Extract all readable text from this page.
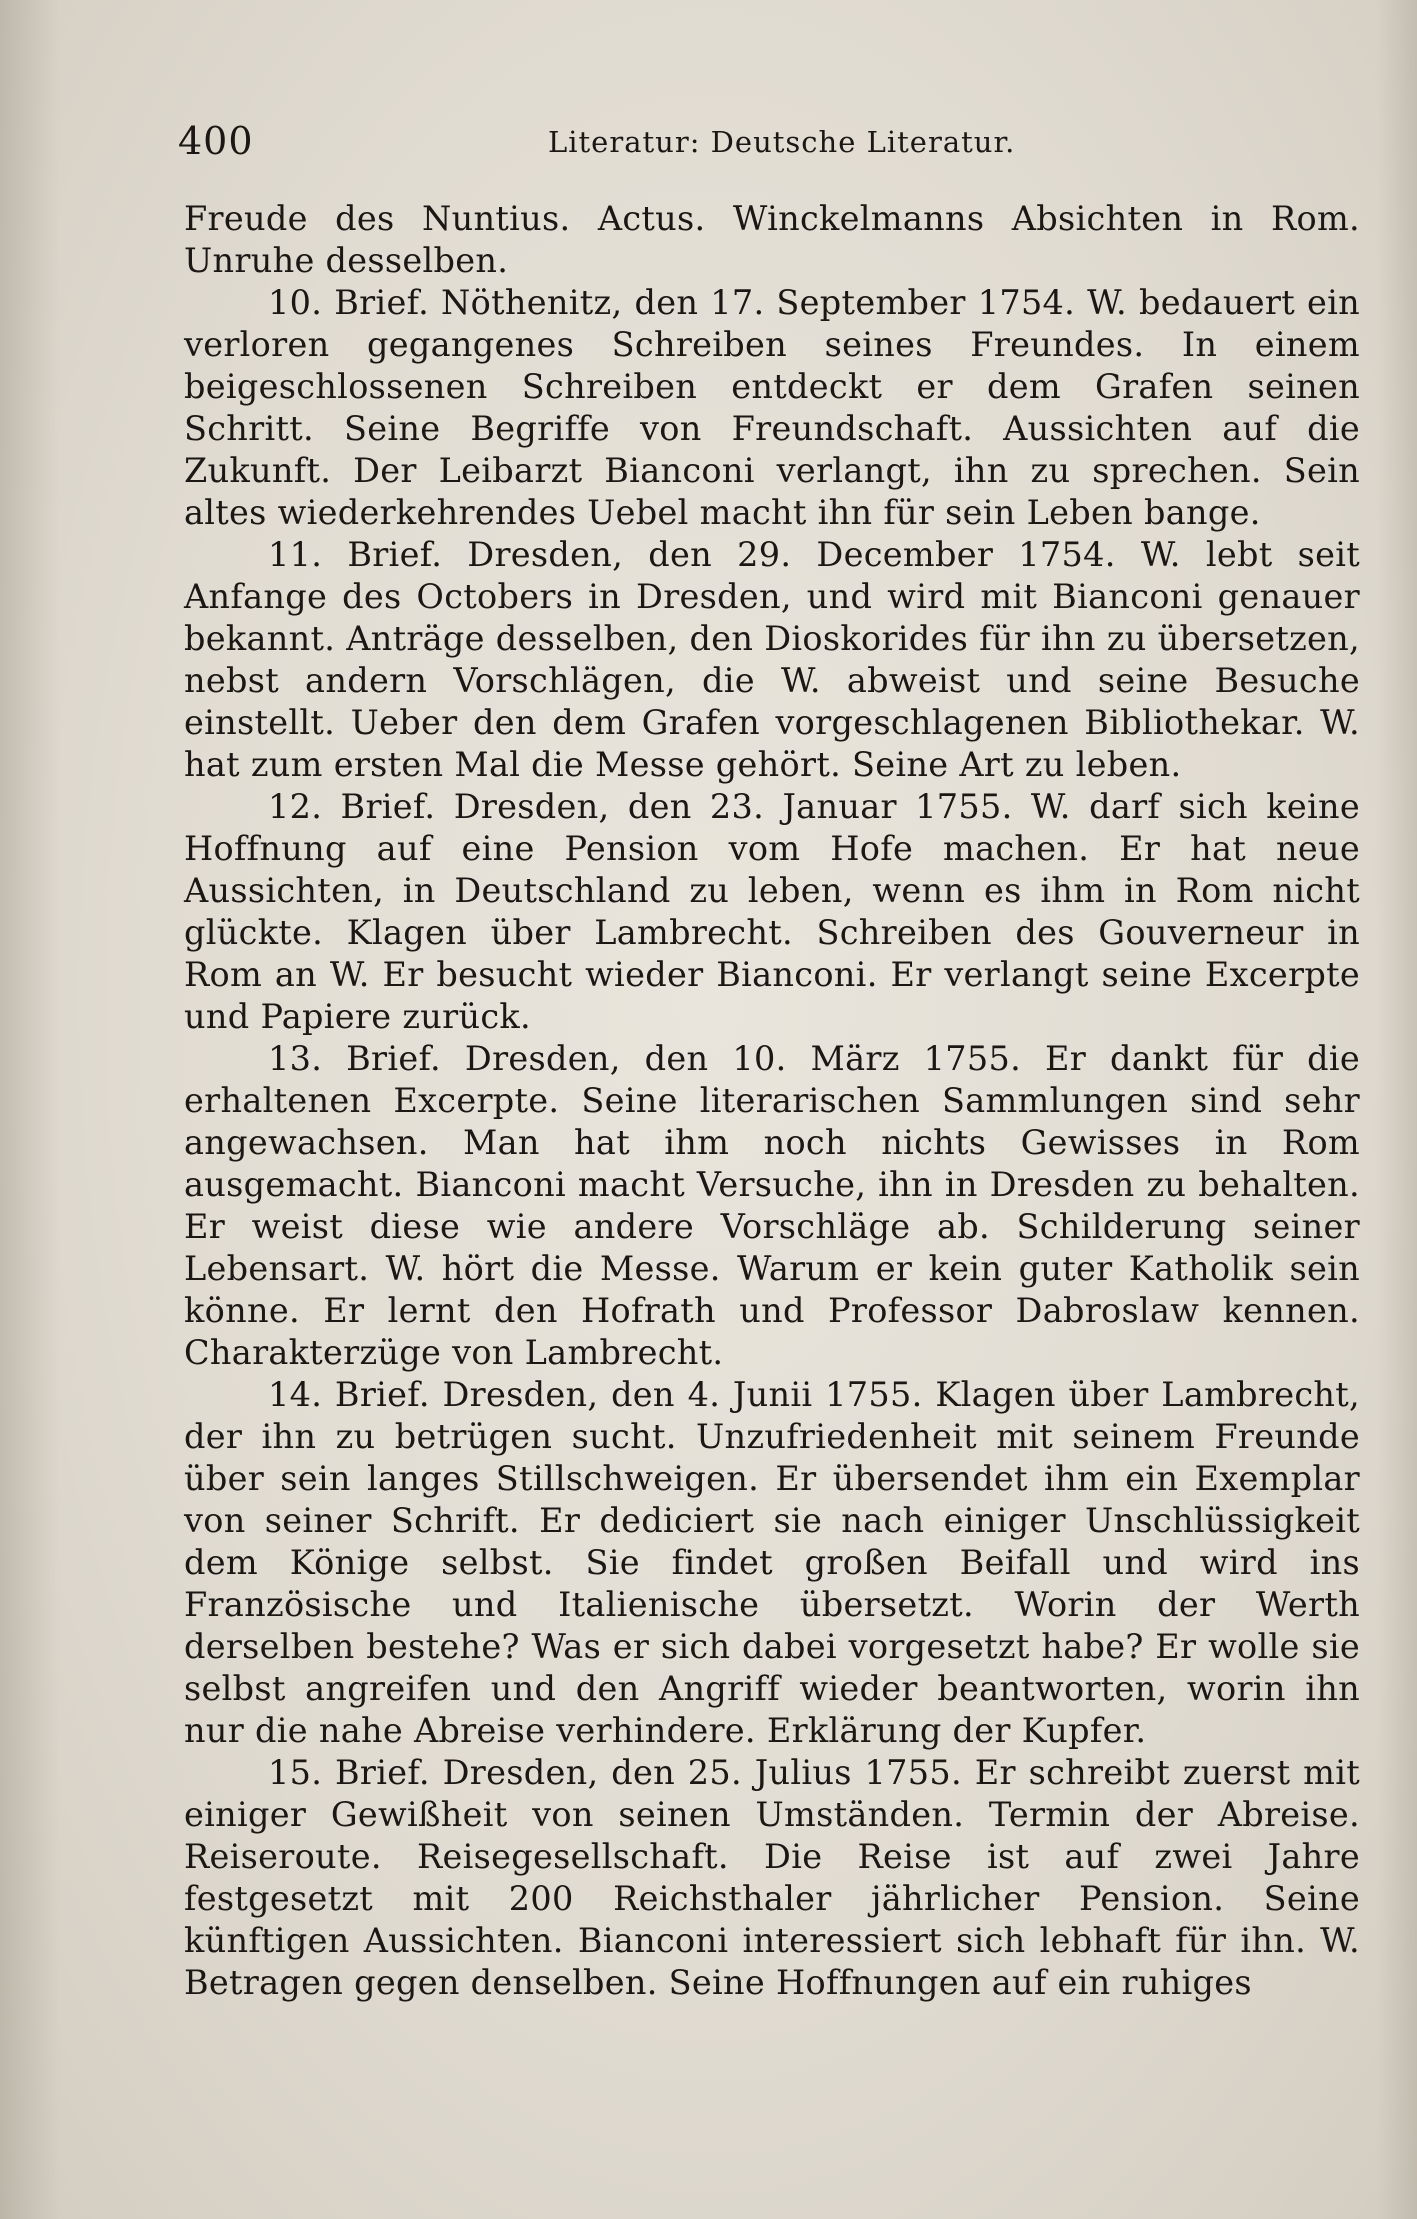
400	Literatur: Deutsche Literatur.

Freude des Nuntius. Actus. Winckelmanns Absichten in Rom. Unruhe desselben.

10. Brief. Nöthenitz, den 17. September 1754. W. bedauert ein verloren gegangenes Schreiben seines Freundes. In einem beigeschlossenen Schreiben entdeckt er dem Grafen seinen Schritt. Seine Begriffe von Freundschaft. Aussichten auf die Zukunft. Der Leibarzt Bianconi verlangt, ihn zu sprechen. Sein altes wiederkehrendes Uebel macht ihn für sein Leben bange.

11. Brief. Dresden, den 29. December 1754. W. lebt seit Anfange des Octobers in Dresden, und wird mit Bianconi genauer bekannt. Anträge desselben, den Dioskorides für ihn zu übersetzen, nebst andern Vorschlägen, die W. abweist und seine Besuche einstellt. Ueber den dem Grafen vorgeschlagenen Bibliothekar. W. hat zum ersten Mal die Messe gehört. Seine Art zu leben.

12. Brief. Dresden, den 23. Januar 1755. W. darf sich keine Hoffnung auf eine Pension vom Hofe machen. Er hat neue Aussichten, in Deutschland zu leben, wenn es ihm in Rom nicht glückte. Klagen über Lambrecht. Schreiben des Gouverneur in Rom an W. Er besucht wieder Bianconi. Er verlangt seine Excerpte und Papiere zurück.

13. Brief. Dresden, den 10. März 1755. Er dankt für die erhaltenen Excerpte. Seine literarischen Sammlungen sind sehr angewachsen. Man hat ihm noch nichts Gewisses in Rom ausgemacht. Bianconi macht Versuche, ihn in Dresden zu behalten. Er weist diese wie andere Vorschläge ab. Schilderung seiner Lebensart. W. hört die Messe. Warum er kein guter Katholik sein könne. Er lernt den Hofrath und Professor Dabroslaw kennen. Charakterzüge von Lambrecht.

14. Brief. Dresden, den 4. Junii 1755. Klagen über Lambrecht, der ihn zu betrügen sucht. Unzufriedenheit mit seinem Freunde über sein langes Stillschweigen. Er übersendet ihm ein Exemplar von seiner Schrift. Er dediciert sie nach einiger Unschlüssigkeit dem Könige selbst. Sie findet großen Beifall und wird ins Französische und Italienische übersetzt. Worin der Werth derselben bestehe? Was er sich dabei vorgesetzt habe? Er wolle sie selbst angreifen und den Angriff wieder beantworten, worin ihn nur die nahe Abreise verhindere. Erklärung der Kupfer.

15. Brief. Dresden, den 25. Julius 1755. Er schreibt zuerst mit einiger Gewißheit von seinen Umständen. Termin der Abreise. Reiseroute. Reisegesellschaft. Die Reise ist auf zwei Jahre festgesetzt mit 200 Reichsthaler jährlicher Pension. Seine künftigen Aussichten. Bianconi interessiert sich lebhaft für ihn. W. Betragen gegen denselben. Seine Hoffnungen auf ein ruhiges
